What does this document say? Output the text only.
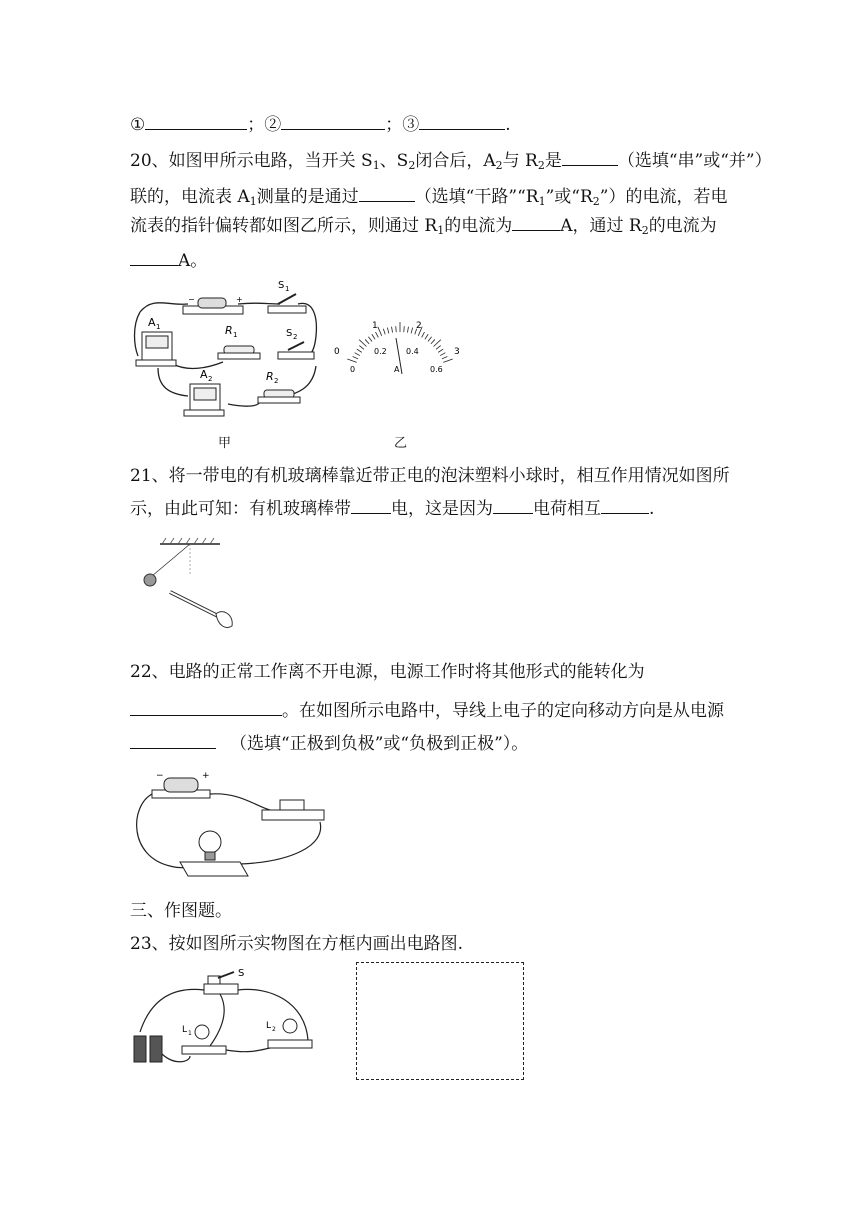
①	；②	；③	.
20、如图甲所示电路，当开关 $S_1$、$S_2$闭合后，$A_2$与 $R_2$是	（选填“串”或“并”）
联的，电流表 $A_1$测量的是通过	（选填“干路$”“R_1$”或“$R_2$”）的电流，若电
流表的指针偏转都如图乙所示，则通过 $R_1$的电流为	A，通过 $R_2$的电流为
A。
−	+
S 1
A 1	R 1	S 2
A 2	R 2
甲
0
1	2
3
0
0.2 0.4
0.6
A
乙
21、将一带电的有机玻璃棒靠近带正电的泡沫塑料小球时，相互作用情况如图所
示，由此可知：有机玻璃棒带 电，这是因为 电荷相互	.
22、电路的正常工作离不开电源，电源工作时将其他形式的能转化为
。在如图所示电路中，导线上电子的定向移动方向是从电源
（选填“正极到负极”或“负极到正极”）。
−	+
三、作图题。
23、按如图所示实物图在方框内画出电路图.
S
L 1
L 2
